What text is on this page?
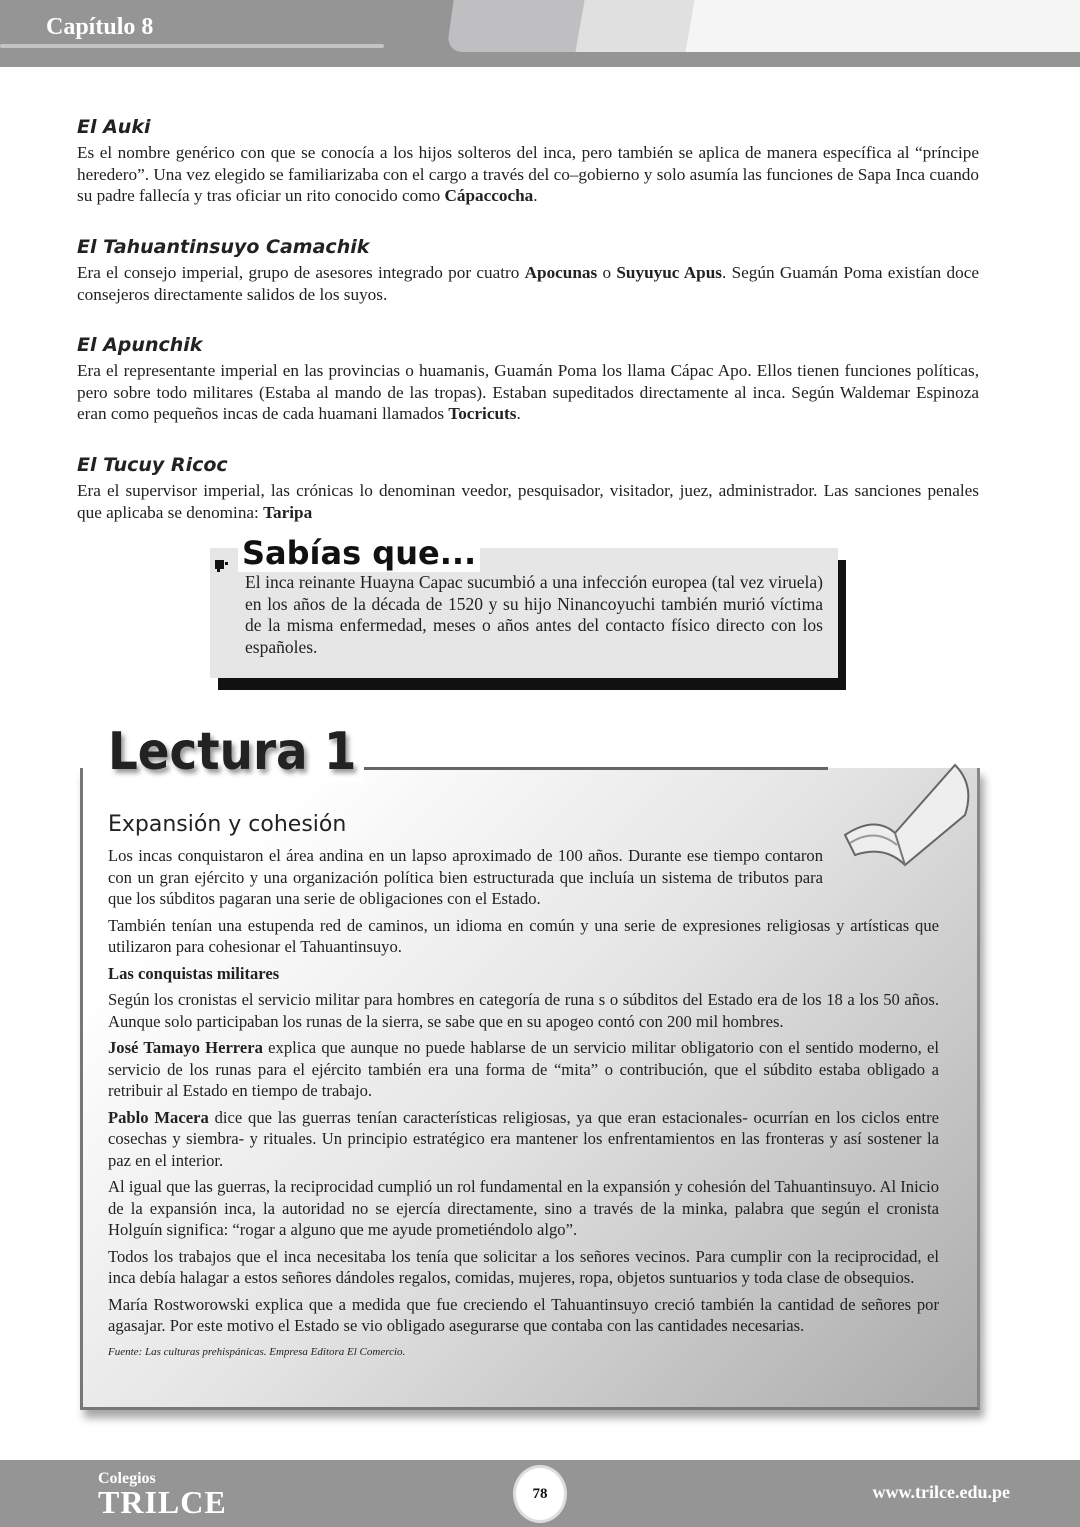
Capítulo 8
El Auki

Es el nombre genérico con que se conocía a los hijos solteros del inca, pero también se aplica de manera específica al “príncipe heredero”. Una vez elegido se familiarizaba con el cargo a través del co–gobierno y solo asumía las funciones de Sapa Inca cuando su padre fallecía y tras oficiar un rito conocido como Cápaccocha.

El Tahuantinsuyo Camachik

Era el consejo imperial, grupo de asesores integrado por cuatro Apocunas o Suyuyuc Apus. Según Guamán Poma existían doce consejeros directamente salidos de los suyos.

El Apunchik

Era el representante imperial en las provincias o huamanis, Guamán Poma los llama Cápac Apo. Ellos tienen funciones políticas, pero sobre todo militares (Estaba al mando de las tropas). Estaban supeditados directamente al inca. Según Waldemar Espinoza eran como pequeños incas de cada huamani llamados Tocricuts.

El Tucuy Ricoc

Era el supervisor imperial, las crónicas lo denominan veedor, pesquisador, visitador, juez, administrador. Las sanciones penales que aplicaba se denomina: Taripa

Sabías que...

El inca reinante Huayna Capac sucumbió a una infección europea (tal vez viruela) en los años de la década de 1520 y su hijo Ninancoyuchi también murió víctima de la misma enfermedad, meses o años antes del contacto físico directo con los españoles.

Lectura 1
Expansión y cohesión

Los incas conquistaron el área andina en un lapso aproximado de 100 años. Durante ese tiempo contaron con un gran ejército y una organización política bien estructurada que incluía un sistema de tributos para que los súbditos pagaran una serie de obligaciones con el Estado.

También tenían una estupenda red de caminos, un idioma en común y una serie de expresiones religiosas y artísticas que utilizaron para cohesionar el Tahuantinsuyo.

Las conquistas militares

Según los cronistas el servicio militar para hombres en categoría de runa s o súbditos del Estado era de los 18 a los 50 años. Aunque solo participaban los runas de la sierra, se sabe que en su apogeo contó con 200 mil hombres.

José Tamayo Herrera explica que aunque no puede hablarse de un servicio militar obligatorio con el sentido moderno, el servicio de los runas para el ejército también era una forma de “mita” o contribución, que el súbdito estaba obligado a retribuir al Estado en tiempo de trabajo.

Pablo Macera dice que las guerras tenían características religiosas, ya que eran estacionales- ocurrían en los ciclos entre cosechas y siembra- y rituales. Un principio estratégico era mantener los enfrentamientos en las fronteras y así sostener la paz en el interior.

Al igual que las guerras, la reciprocidad cumplió un rol fundamental en la expansión y cohesión del Tahuantinsuyo. Al Inicio de la expansión inca, la autoridad no se ejercía directamente, sino a través de la minka, palabra que según el cronista Holguín significa: “rogar a alguno que me ayude prometiéndolo algo”.

Todos los trabajos que el inca necesitaba los tenía que solicitar a los señores vecinos. Para cumplir con la reciprocidad, el inca debía halagar a estos señores dándoles regalos, comidas, mujeres, ropa, objetos suntuarios y toda clase de obsequios.

María Rostworowski explica que a medida que fue creciendo el Tahuantinsuyo creció también la cantidad de señores por agasajar. Por este motivo el Estado se vio obligado asegurarse que contaba con las cantidades necesarias.

Fuente: Las culturas prehispánicas. Empresa Editora El Comercio.

Colegios
TRILCE	78	www.trilce.edu.pe
